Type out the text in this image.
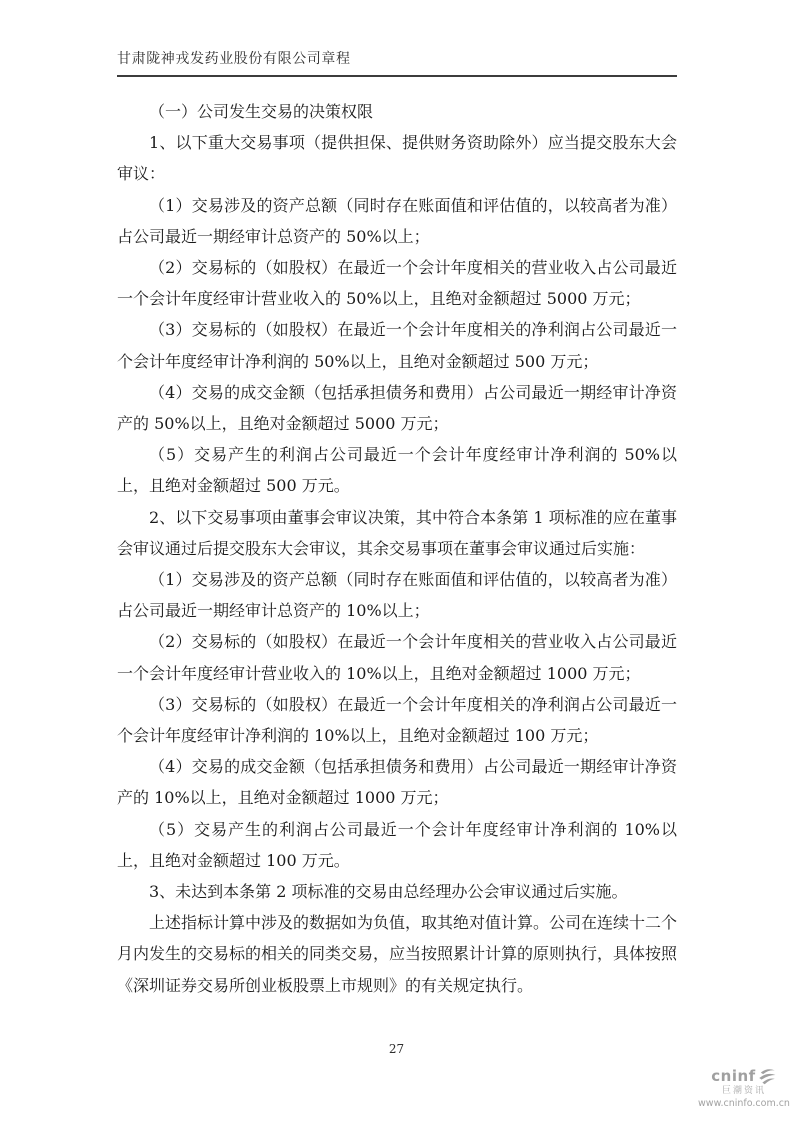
甘肃陇神戎发药业股份有限公司章程

（一）公司发生交易的决策权限

1、以下重大交易事项（提供担保、提供财务资助除外）应当提交股东大会审议：

（1）交易涉及的资产总额（同时存在账面值和评估值的，以较高者为准）占公司最近一期经审计总资产的 50%以上；

（2）交易标的（如股权）在最近一个会计年度相关的营业收入占公司最近一个会计年度经审计营业收入的 50%以上，且绝对金额超过 5000 万元；

（3）交易标的（如股权）在最近一个会计年度相关的净利润占公司最近一个会计年度经审计净利润的 50%以上，且绝对金额超过 500 万元；

（4）交易的成交金额（包括承担债务和费用）占公司最近一期经审计净资产的 50%以上，且绝对金额超过 5000 万元；

（5）交易产生的利润占公司最近一个会计年度经审计净利润的 50%以上，且绝对金额超过 500 万元。

2、以下交易事项由董事会审议决策，其中符合本条第 1 项标准的应在董事会审议通过后提交股东大会审议，其余交易事项在董事会审议通过后实施：

（1）交易涉及的资产总额（同时存在账面值和评估值的，以较高者为准）占公司最近一期经审计总资产的 10%以上；

（2）交易标的（如股权）在最近一个会计年度相关的营业收入占公司最近一个会计年度经审计营业收入的 10%以上，且绝对金额超过 1000 万元；

（3）交易标的（如股权）在最近一个会计年度相关的净利润占公司最近一个会计年度经审计净利润的 10%以上，且绝对金额超过 100 万元；

（4）交易的成交金额（包括承担债务和费用）占公司最近一期经审计净资产的 10%以上，且绝对金额超过 1000 万元；

（5）交易产生的利润占公司最近一个会计年度经审计净利润的 10%以上，且绝对金额超过 100 万元。

3、未达到本条第 2 项标准的交易由总经理办公会审议通过后实施。

上述指标计算中涉及的数据如为负值，取其绝对值计算。公司在连续十二个月内发生的交易标的相关的同类交易，应当按照累计计算的原则执行，具体按照《深圳证券交易所创业板股票上市规则》的有关规定执行。

27
cninf
巨潮资讯
www.cninfo.com.cn
